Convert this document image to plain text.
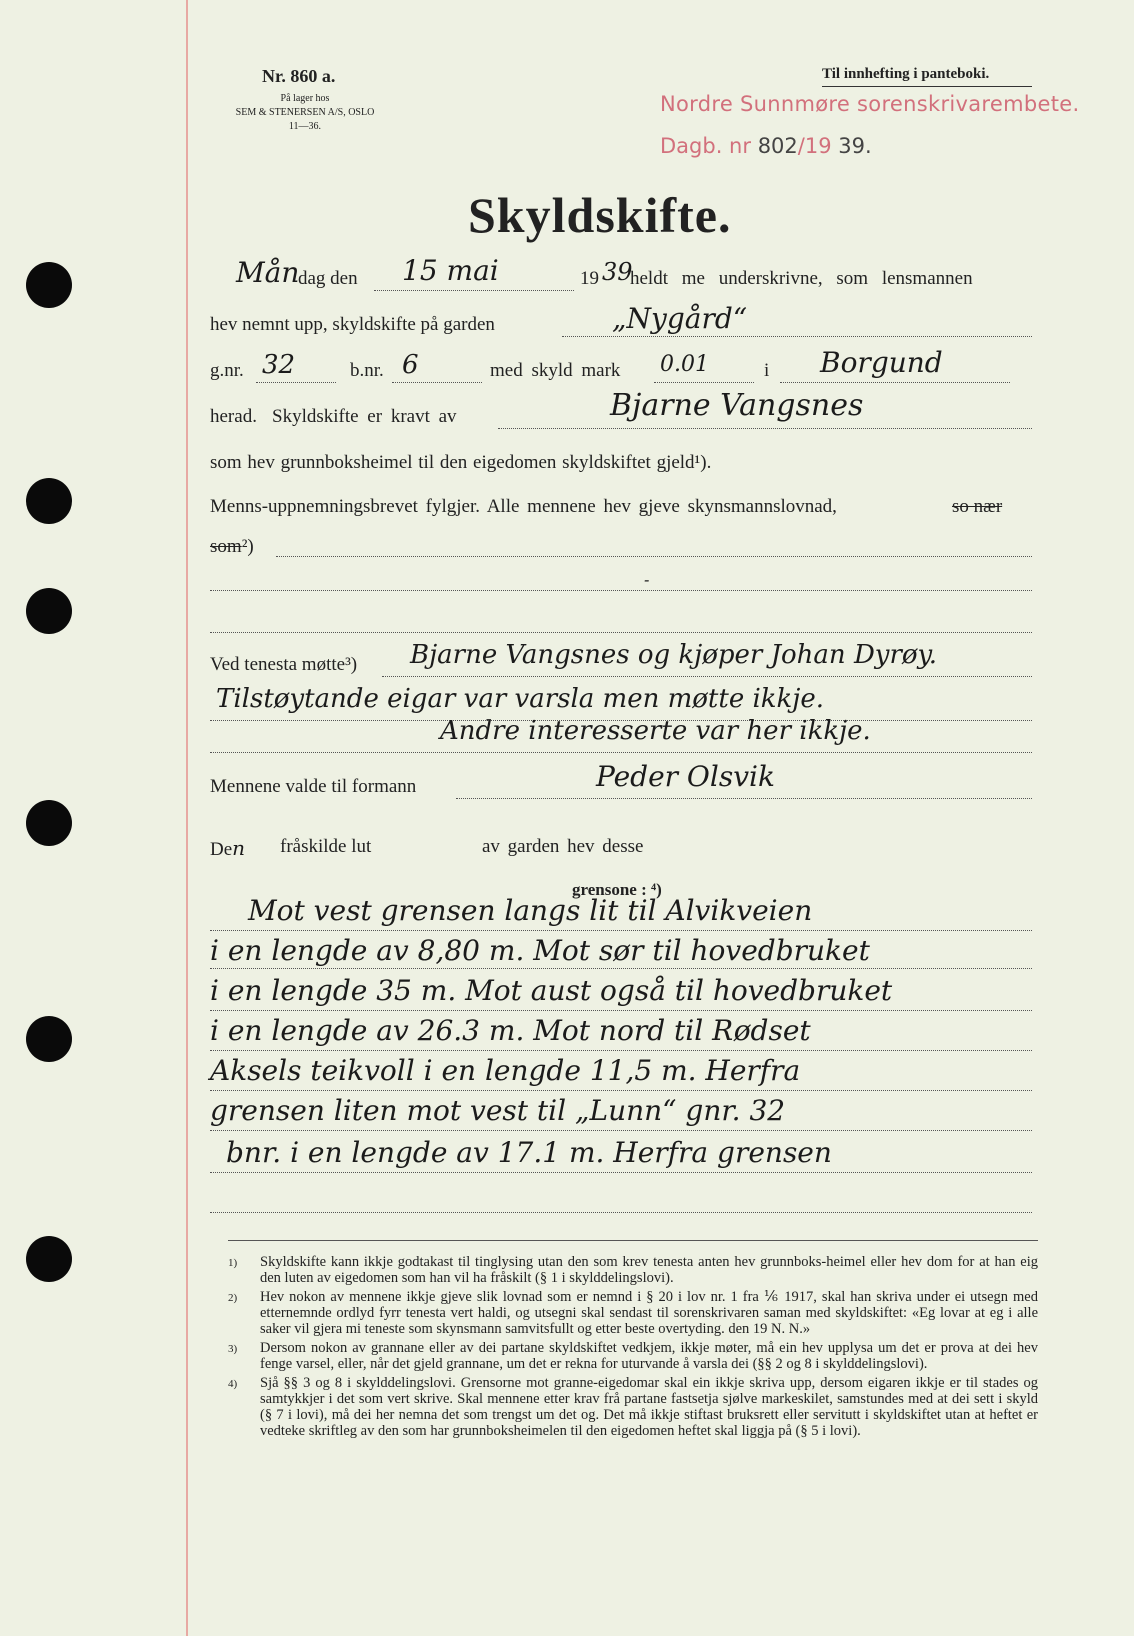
Nr. 860 a.
På lager hos
SEM & STENERSEN A/S, OSLO
11—36.
Til innhefting i panteboki.
Nordre Sunnmøre sorenskrivarembete.
Dagb. nr 802/19 39.
Skyldskifte.
Mån
dag den 15 mai	19 39
heldt me underskrivne, som lensmannen
hev nemnt upp, skyldskifte på garden	„Nygård“
g.nr. 32	b.nr. 6	med skyld mark 0.01	i Borgund
herad. Skyldskifte er kravt av	Bjarne Vangsnes
som hev grunnboksheimel til den eigedomen skyldskiftet gjeld¹).
Menns-uppnemningsbrevet fylgjer. Alle mennene hev gjeve skynsmannslovnad,	so nær
som²)
-
Ved tenesta møtte³) Bjarne Vangsnes og kjøper Johan Dyrøy.
Tilstøytande eigar var varsla men møtte ikkje.
Andre interesserte var her ikkje.
Mennene valde til formann	Peder Olsvik
Den fråskilde lut	av garden hev desse
grensone : ⁴)
Mot vest grensen langs lit til Alvikveien
i en lengde av 8,80 m. Mot sør til hovedbruket
i en lengde 35 m. Mot aust også til hovedbruket
i en lengde av 26.3 m. Mot nord til Rødset
Aksels teikvoll i en lengde 11,5 m. Herfra
grensen liten mot vest til „Lunn“ gnr. 32
bnr. i en lengde av 17.1 m. Herfra grensen
1)	Skyldskifte kann ikkje godtakast til tinglysing utan den som krev tenesta anten hev grunnboks-heimel eller hev dom for at han eig den luten av eigedomen som han vil ha fråskilt (§ 1 i skylddelingslovi).
2)	Hev nokon av mennene ikkje gjeve slik lovnad som er nemnd i § 20 i lov nr. 1 fra ⅙ 1917, skal han skriva under ei utsegn med etternemnde ordlyd fyrr tenesta vert haldi, og utsegni skal sendast til sorenskrivaren saman med skyldskiftet: «Eg lovar at eg i alle saker vil gjera mi teneste som skynsmann samvitsfullt og etter beste overtyding. den 19 N. N.»
3)	Dersom nokon av grannane eller av dei partane skyldskiftet vedkjem, ikkje møter, må ein hev upplysa um det er prova at dei hev fenge varsel, eller, når det gjeld grannane, um det er rekna for uturvande å varsla dei (§§ 2 og 8 i skylddelingslovi).
4)	Sjå §§ 3 og 8 i skylddelingslovi. Grensorne mot granne-eigedomar skal ein ikkje skriva upp, dersom eigaren ikkje er til stades og samtykkjer i det som vert skrive. Skal mennene etter krav frå partane fastsetja sjølve markeskilet, samstundes med at dei sett i skyld (§ 7 i lovi), må dei her nemna det som trengst um det og. Det må ikkje stiftast bruksrett eller servitutt i skyldskiftet utan at heftet er vedteke skriftleg av den som har grunnboksheimelen til den eigedomen heftet skal liggja på (§ 5 i lovi).
